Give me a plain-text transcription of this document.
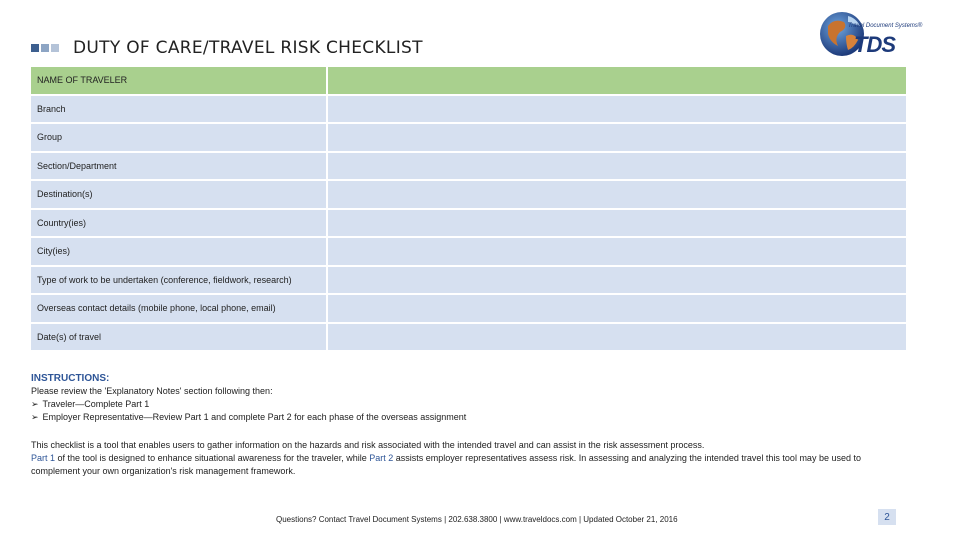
DUTY OF CARE/TRAVEL RISK CHECKLIST
Travel Document Systems®
TDS
NAME OF TRAVELER	
Branch	
Group	
Section/Department	
Destination(s)	
Country(ies)	
City(ies)	
Type of work to be undertaken (conference, fieldwork, research)	
Overseas contact details (mobile phone, local phone, email)	
Date(s) of travel	
INSTRUCTIONS:
Please review the 'Explanatory Notes' section following then:
➢ Traveler—Complete Part 1
➢ Employer Representative—Review Part 1 and complete Part 2 for each phase of the overseas assignment
This checklist is a tool that enables users to gather information on the hazards and risk associated with the intended travel and can assist in the risk assessment process.
Part 1 of the tool is designed to enhance situational awareness for the traveler, while Part 2 assists employer representatives assess risk. In assessing and analyzing the intended travel this tool may be used to complement your own organization's risk management framework.
Questions? Contact Travel Document Systems | 202.638.3800 | www.traveldocs.com | Updated October 21, 2016	2
